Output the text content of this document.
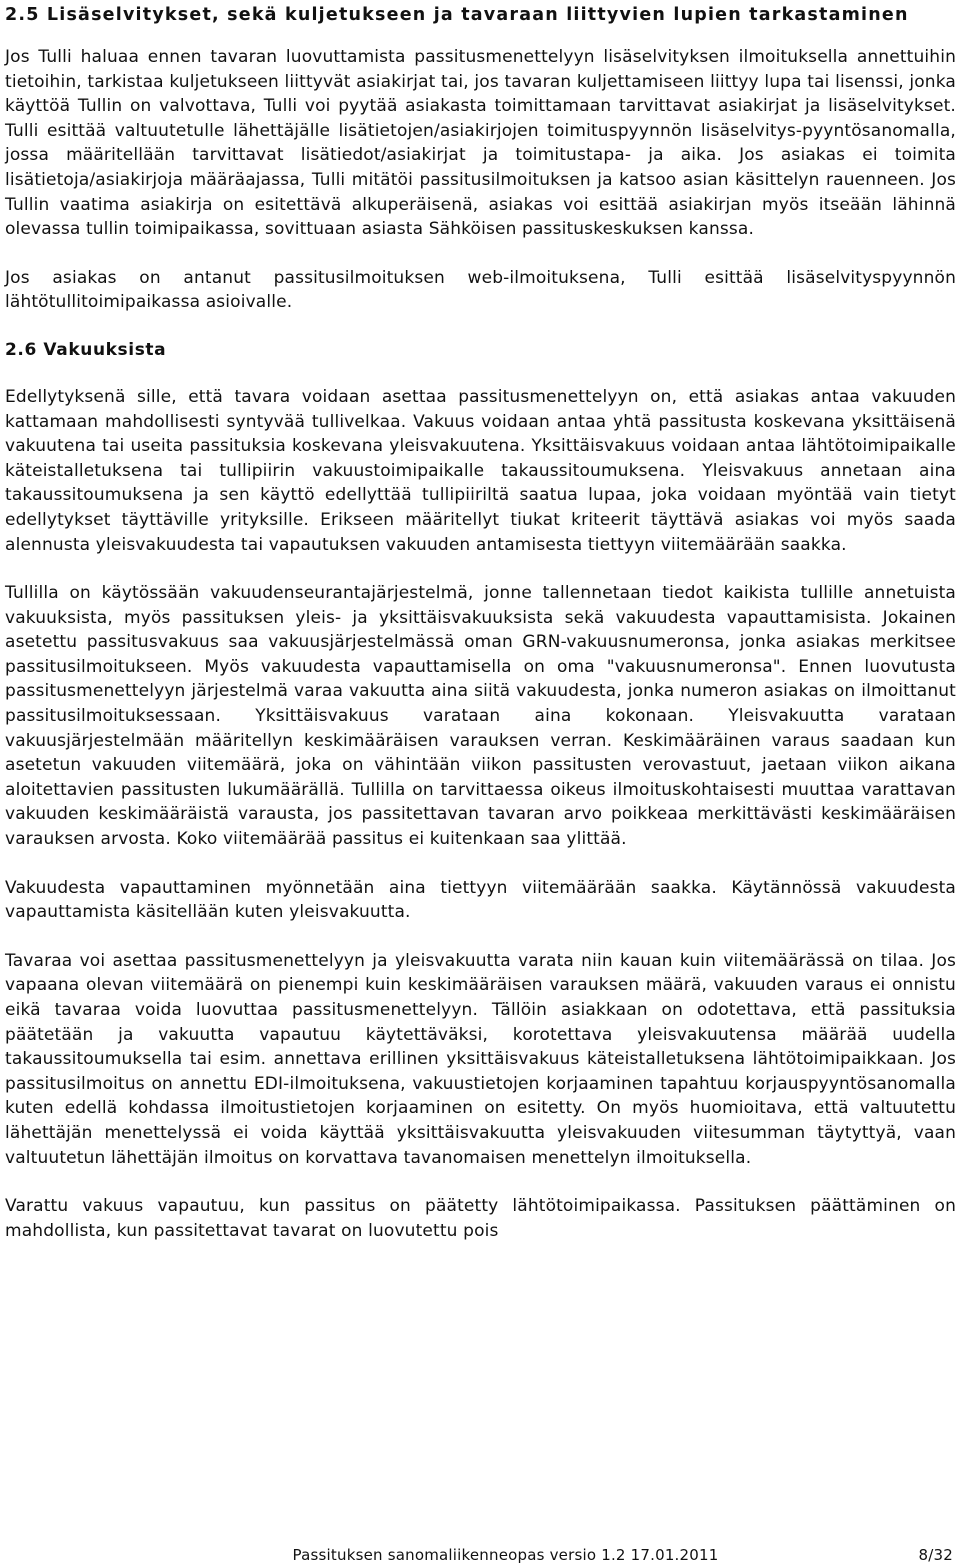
2.5 Lisäselvitykset, sekä kuljetukseen ja tavaraan liittyvien lupien tarkastaminen

Jos Tulli haluaa ennen tavaran luovuttamista passitusmenettelyyn lisäselvityksen ilmoituksella annettuihin tietoihin, tarkistaa kuljetukseen liittyvät asiakirjat tai, jos tavaran kuljettamiseen liittyy lupa tai lisenssi, jonka käyttöä Tullin on valvottava, Tulli voi pyytää asiakasta toimittamaan tarvittavat asiakirjat ja lisäselvitykset. Tulli esittää valtuutetulle lähettäjälle lisätietojen/asiakirjojen toimituspyynnön lisäselvitys-pyyntösanomalla, jossa määritellään tarvittavat lisätiedot/asiakirjat ja toimitustapa- ja aika. Jos asiakas ei toimita lisätietoja/asiakirjoja määräajassa, Tulli mitätöi passitusilmoituksen ja katsoo asian käsittelyn rauenneen. Jos Tullin vaatima asiakirja on esitettävä alkuperäisenä, asiakas voi esittää asiakirjan myös itseään lähinnä olevassa tullin toimipaikassa, sovittuaan asiasta Sähköisen passituskeskuksen kanssa.

Jos asiakas on antanut passitusilmoituksen web-ilmoituksena, Tulli esittää lisäselvityspyynnön lähtötullitoimipaikassa asioivalle.

2.6 Vakuuksista

Edellytyksenä sille, että tavara voidaan asettaa passitusmenettelyyn on, että asiakas antaa vakuuden kattamaan mahdollisesti syntyvää tullivelkaa. Vakuus voidaan antaa yhtä passitusta koskevana yksittäisenä vakuutena tai useita passituksia koskevana yleisvakuutena. Yksittäisvakuus voidaan antaa lähtötoimipaikalle käteistalletuksena tai tullipiirin vakuustoimipaikalle takaussitoumuksena. Yleisvakuus annetaan aina takaussitoumuksena ja sen käyttö edellyttää tullipiiriltä saatua lupaa, joka voidaan myöntää vain tietyt edellytykset täyttäville yrityksille. Erikseen määritellyt tiukat kriteerit täyttävä asiakas voi myös saada alennusta yleisvakuudesta tai vapautuksen vakuuden antamisesta tiettyyn viitemäärään saakka.

Tullilla on käytössään vakuudenseurantajärjestelmä, jonne tallennetaan tiedot kaikista tullille annetuista vakuuksista, myös passituksen yleis- ja yksittäisvakuuksista sekä vakuudesta vapauttamisista. Jokainen asetettu passitusvakuus saa vakuusjärjestelmässä oman GRN-vakuusnumeronsa, jonka asiakas merkitsee passitusilmoitukseen. Myös vakuudesta vapauttamisella on oma "vakuusnumeronsa". Ennen luovutusta passitusmenettelyyn järjestelmä varaa vakuutta aina siitä vakuudesta, jonka numeron asiakas on ilmoittanut passitusilmoituksessaan. Yksittäisvakuus varataan aina kokonaan. Yleisvakuutta varataan vakuusjärjestelmään määritellyn keskimääräisen varauksen verran. Keskimääräinen varaus saadaan kun asetetun vakuuden viitemäärä, joka on vähintään viikon passitusten verovastuut, jaetaan viikon aikana aloitettavien passitusten lukumäärällä. Tullilla on tarvittaessa oikeus ilmoituskohtaisesti muuttaa varattavan vakuuden keskimääräistä varausta, jos passitettavan tavaran arvo poikkeaa merkittävästi keskimääräisen varauksen arvosta. Koko viitemäärää passitus ei kuitenkaan saa ylittää.

Vakuudesta vapauttaminen myönnetään aina tiettyyn viitemäärään saakka. Käytännössä vakuudesta vapauttamista käsitellään kuten yleisvakuutta.

Tavaraa voi asettaa passitusmenettelyyn ja yleisvakuutta varata niin kauan kuin viitemäärässä on tilaa. Jos vapaana olevan viitemäärä on pienempi kuin keskimääräisen varauksen määrä, vakuuden varaus ei onnistu eikä tavaraa voida luovuttaa passitusmenettelyyn. Tällöin asiakkaan on odotettava, että passituksia päätetään ja vakuutta vapautuu käytettäväksi, korotettava yleisvakuutensa määrää uudella takaussitoumuksella tai esim. annettava erillinen yksittäisvakuus käteistalletuksena lähtötoimipaikkaan. Jos passitusilmoitus on annettu EDI-ilmoituksena, vakuustietojen korjaaminen tapahtuu korjauspyyntösanomalla kuten edellä kohdassa ilmoitustietojen korjaaminen on esitetty. On myös huomioitava, että valtuutettu lähettäjän menettelyssä ei voida käyttää yksittäisvakuutta yleisvakuuden viitesumman täytyttyä, vaan valtuutetun lähettäjän ilmoitus on korvattava tavanomaisen menettelyn ilmoituksella.

Varattu vakuus vapautuu, kun passitus on päätetty lähtötoimipaikassa. Passituksen päättäminen on mahdollista, kun passitettavat tavarat on luovutettu pois

Passituksen sanomaliikenneopas versio 1.2 17.01.2011	8/32
